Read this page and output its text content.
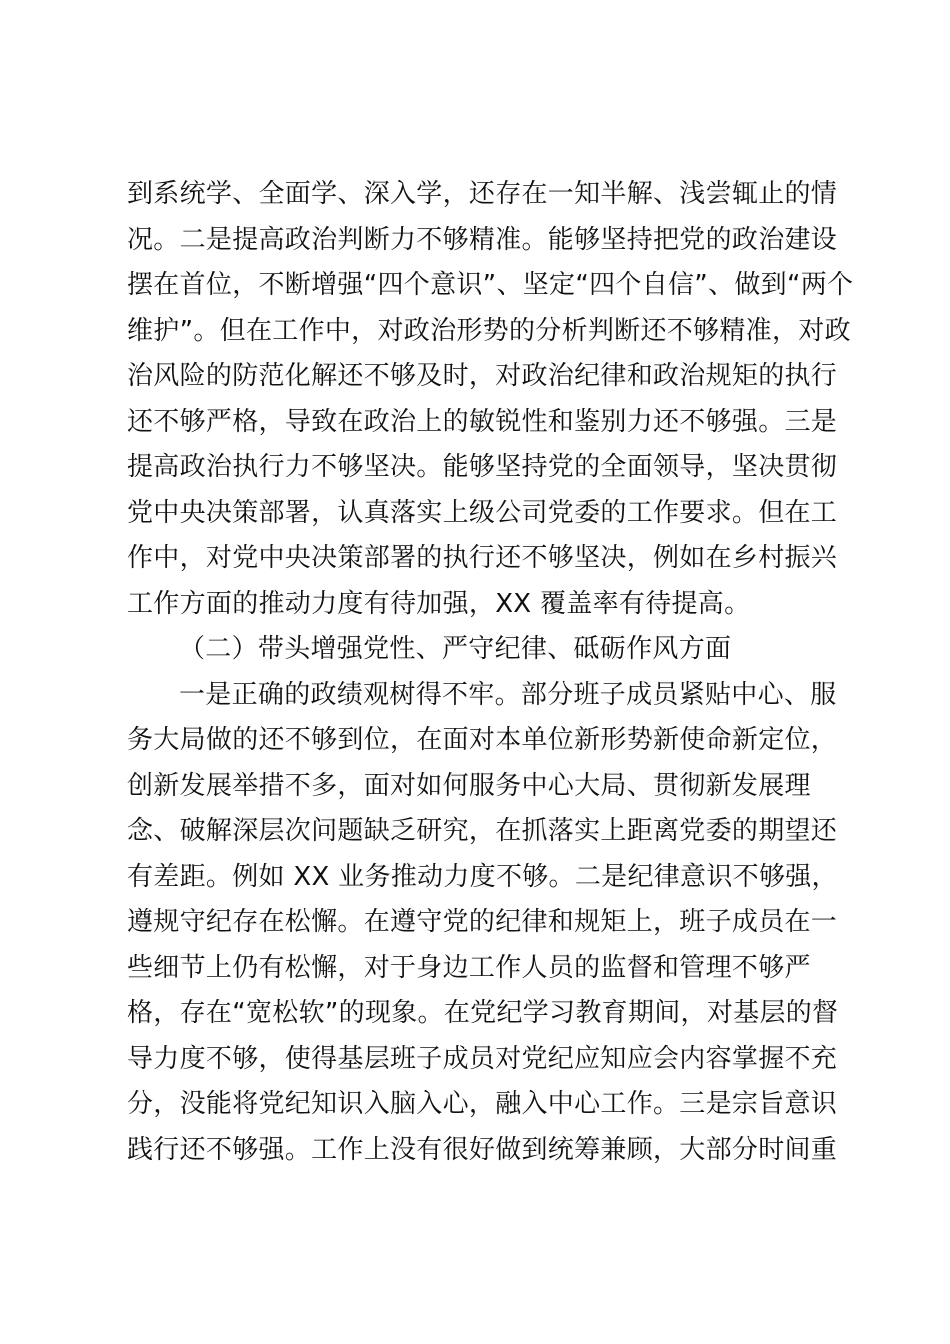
到系统学、全面学、深入学，还存在一知半解、浅尝辄止的情
况。二是提高政治判断力不够精准。能够坚持把党的政治建设
摆在首位，不断增强“四个意识”、坚定“四个自信”、做到“两个
维护”。但在工作中，对政治形势的分析判断还不够精准，对政
治风险的防范化解还不够及时，对政治纪律和政治规矩的执行
还不够严格，导致在政治上的敏锐性和鉴别力还不够强。三是
提高政治执行力不够坚决。能够坚持党的全面领导，坚决贯彻
党中央决策部署，认真落实上级公司党委的工作要求。但在工
作中，对党中央决策部署的执行还不够坚决，例如在乡村振兴
工作方面的推动力度有待加强，XX 覆盖率有待提高。
（二）带头增强党性、严守纪律、砥砺作风方面
一是正确的政绩观树得不牢。部分班子成员紧贴中心、服
务大局做的还不够到位，在面对本单位新形势新使命新定位，
创新发展举措不多，面对如何服务中心大局、贯彻新发展理
念、破解深层次问题缺乏研究，在抓落实上距离党委的期望还
有差距。例如 XX 业务推动力度不够。二是纪律意识不够强，
遵规守纪存在松懈。在遵守党的纪律和规矩上，班子成员在一
些细节上仍有松懈，对于身边工作人员的监督和管理不够严
格，存在“宽松软”的现象。在党纪学习教育期间，对基层的督
导力度不够，使得基层班子成员对党纪应知应会内容掌握不充
分，没能将党纪知识入脑入心，融入中心工作。三是宗旨意识
践行还不够强。工作上没有很好做到统筹兼顾，大部分时间重
